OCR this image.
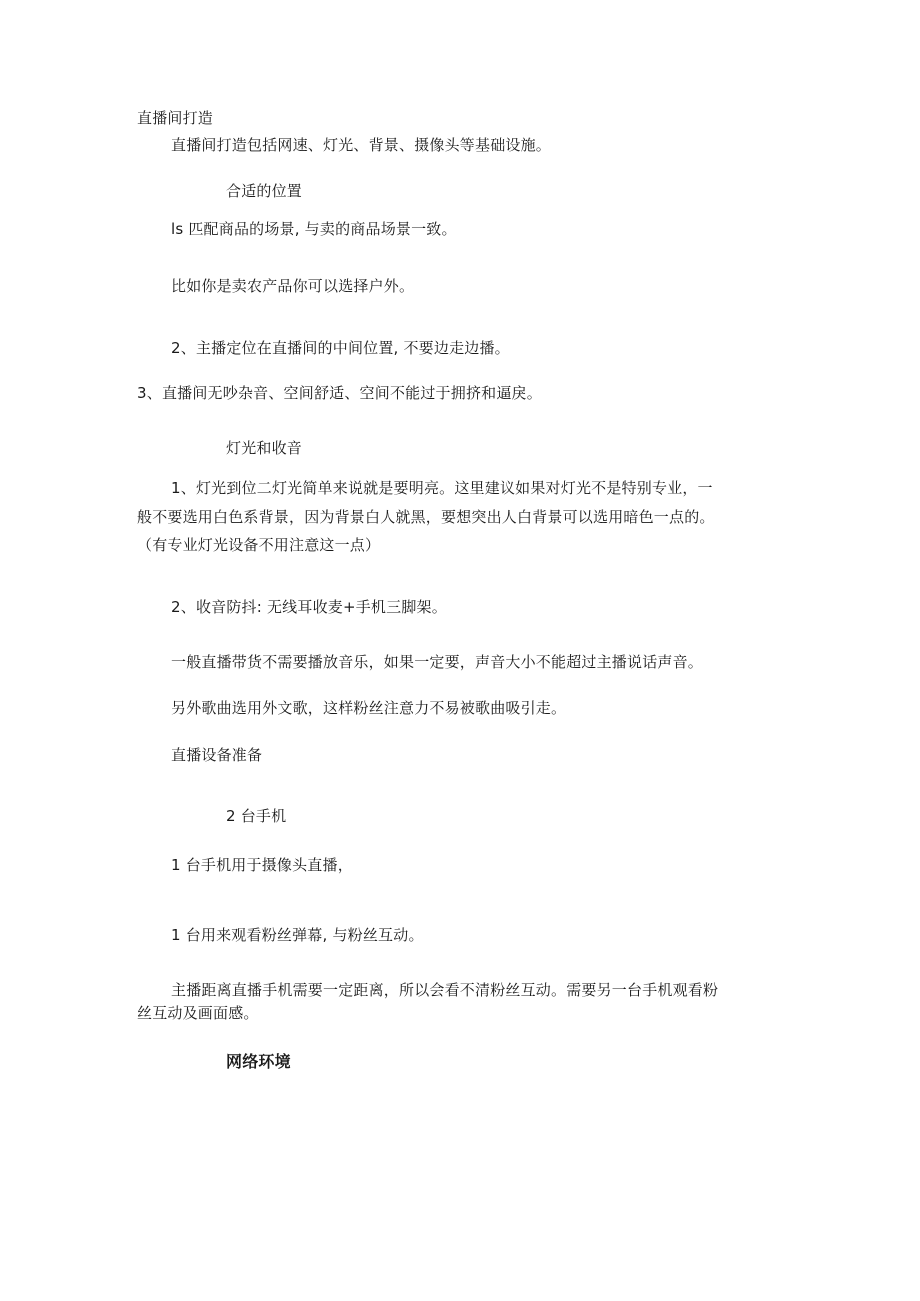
直播间打造
直播间打造包括网速、灯光、背景、摄像头等基础设施。
合适的位置
ls 匹配商品的场景, 与卖的商品场景一致。
比如你是卖农产品你可以选择户外。
2、主播定位在直播间的中间位置, 不要边走边播。
3、直播间无吵杂音、空间舒适、空间不能过于拥挤和逼戾。
灯光和收音
1、灯光到位二灯光简单来说就是要明亮。这里建议如果对灯光不是特别专业，一
般不要选用白色系背景，因为背景白人就黑，要想突出人白背景可以选用暗色一点的。
（有专业灯光设备不用注意这一点）
2、收音防抖: 无线耳收麦+手机三脚架。
一般直播带货不需要播放音乐，如果一定要，声音大小不能超过主播说话声音。
另外歌曲选用外文歌，这样粉丝注意力不易被歌曲吸引走。
直播设备准备
2 台手机
1 台手机用于摄像头直播，
1 台用来观看粉丝弹幕, 与粉丝互动。
主播距离直播手机需要一定距离，所以会看不清粉丝互动。需要另一台手机观看粉
丝互动及画面感。
网络环境
